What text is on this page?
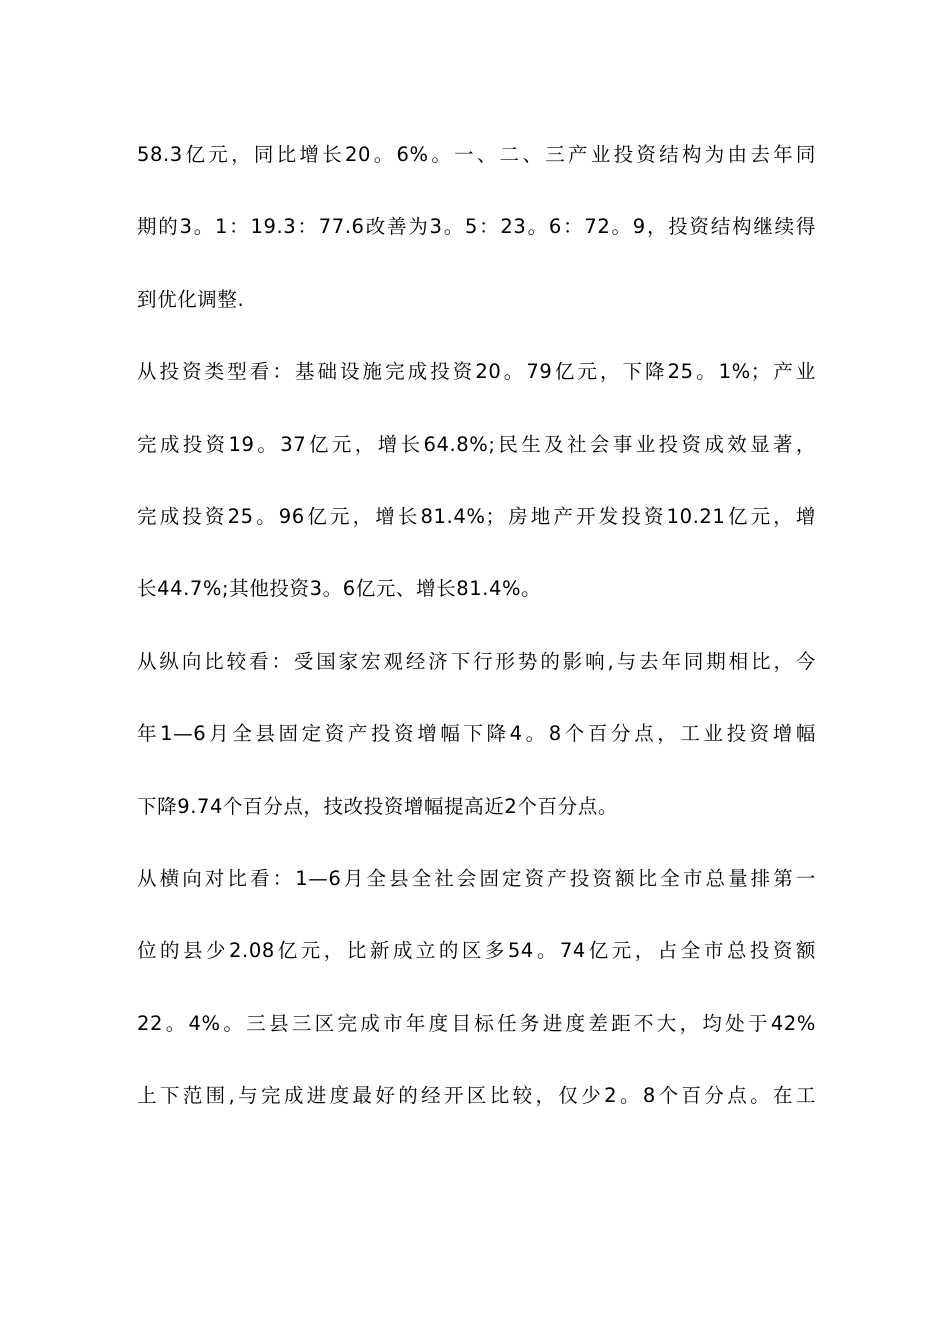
58.3亿元，同比增长20。6%。一、二、三产业投资结构为由去年同
期的3。1：19.3：77.6改善为3。5：23。6：72。9，投资结构继续得
到优化调整.
从投资类型看：基础设施完成投资20。79亿元，下降25。1%；产业
完成投资19。37亿元，增长64.8%;民生及社会事业投资成效显著，
完成投资25。96亿元，增长81.4%；房地产开发投资10.21亿元，增
长44.7%;其他投资3。6亿元、增长81.4%。
从纵向比较看：受国家宏观经济下行形势的影响,与去年同期相比，今
年1—6月全县固定资产投资增幅下降4。8个百分点，工业投资增幅
下降9.74个百分点，技改投资增幅提高近2个百分点。
从横向对比看：1—6月全县全社会固定资产投资额比全市总量排第一
位的县少2.08亿元，比新成立的区多54。74亿元，占全市总投资额
22。4%。三县三区完成市年度目标任务进度差距不大，均处于42%
上下范围,与完成进度最好的经开区比较，仅少2。8个百分点。在工
